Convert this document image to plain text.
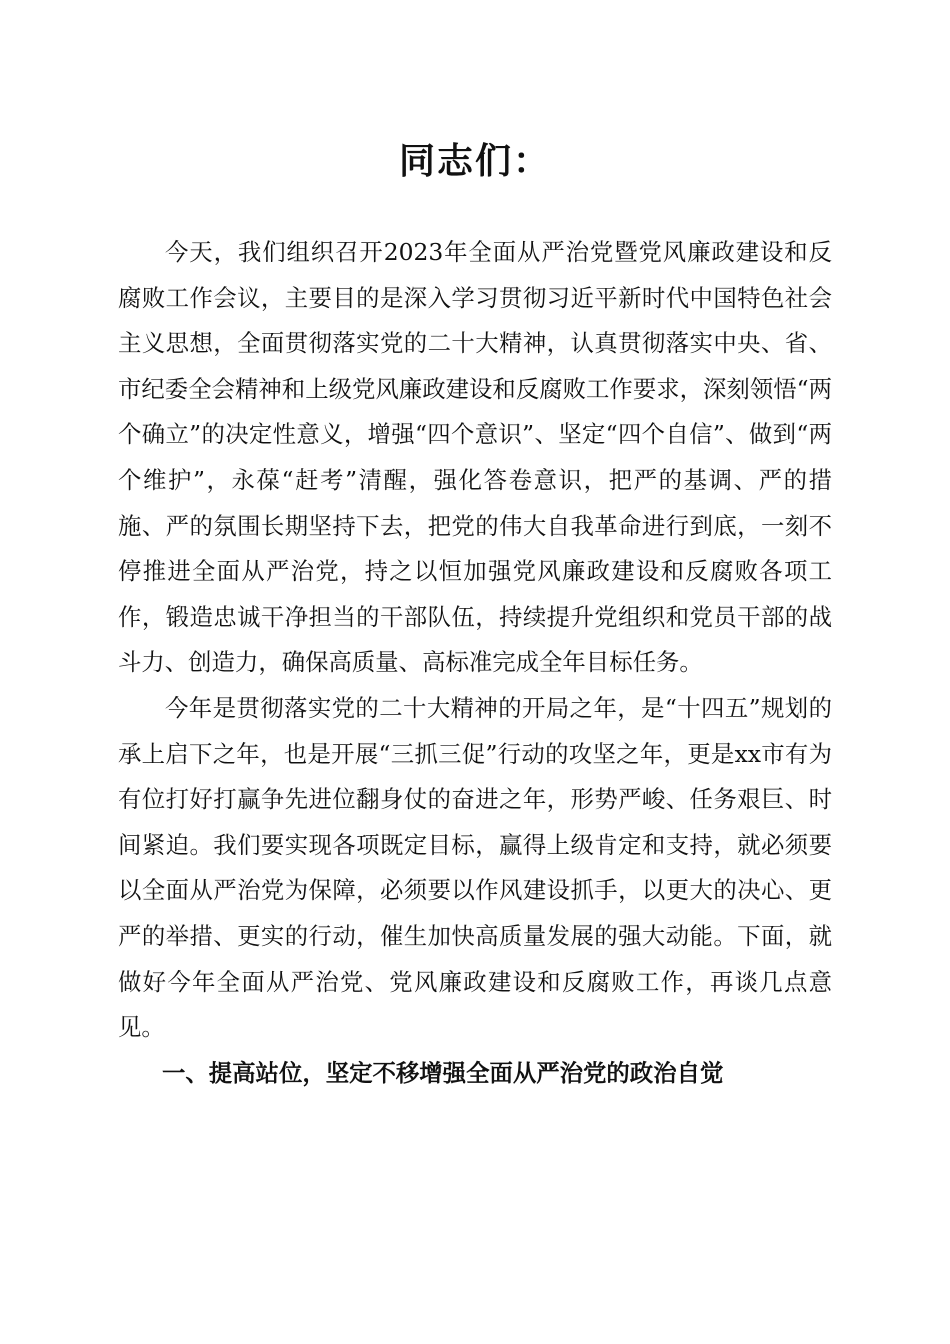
同志们：

今天，我们组织召开2023年全面从严治党暨党风廉政建设和反腐败工作会议，主要目的是深入学习贯彻习近平新时代中国特色社会主义思想，全面贯彻落实党的二十大精神，认真贯彻落实中央、省、市纪委全会精神和上级党风廉政建设和反腐败工作要求，深刻领悟“两个确立”的决定性意义，增强“四个意识”、坚定“四个自信”、做到“两个维护”，永葆“赶考”清醒，强化答卷意识，把严的基调、严的措施、严的氛围长期坚持下去，把党的伟大自我革命进行到底，一刻不停推进全面从严治党，持之以恒加强党风廉政建设和反腐败各项工作，锻造忠诚干净担当的干部队伍，持续提升党组织和党员干部的战斗力、创造力，确保高质量、高标准完成全年目标任务。

今年是贯彻落实党的二十大精神的开局之年，是“十四五”规划的承上启下之年，也是开展“三抓三促”行动的攻坚之年，更是xx市有为有位打好打赢争先进位翻身仗的奋进之年，形势严峻、任务艰巨、时间紧迫。我们要实现各项既定目标，赢得上级肯定和支持，就必须要以全面从严治党为保障，必须要以作风建设抓手，以更大的决心、更严的举措、更实的行动，催生加快高质量发展的强大动能。下面，就做好今年全面从严治党、党风廉政建设和反腐败工作，再谈几点意见。

一、提高站位，坚定不移增强全面从严治党的政治自觉
